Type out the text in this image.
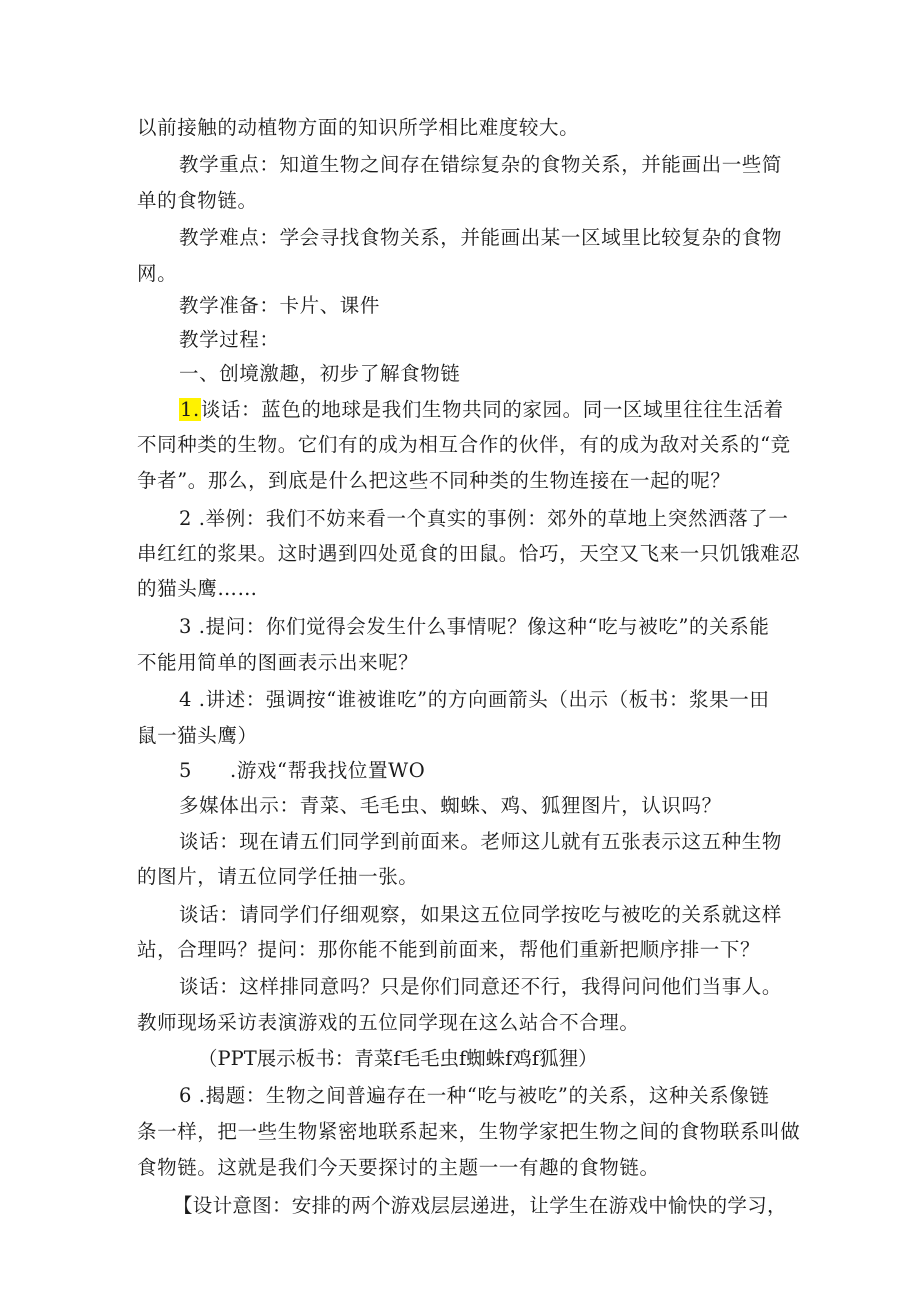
以前接触的动植物方面的知识所学相比难度较大。
教学重点：知道生物之间存在错综复杂的食物关系，并能画出一些简
单的食物链。
教学难点：学会寻找食物关系，并能画出某一区域里比较复杂的食物
网。
教学准备：卡片、课件
教学过程：
一、创境激趣，初步了解食物链
1.谈话：蓝色的地球是我们生物共同的家园。同一区域里往往生活着
不同种类的生物。它们有的成为相互合作的伙伴，有的成为敌对关系的“竞
争者”。那么，到底是什么把这些不同种类的生物连接在一起的呢？
2 .举例：我们不妨来看一个真实的事例：郊外的草地上突然洒落了一
串红红的浆果。这时遇到四处觅食的田鼠。恰巧，天空又飞来一只饥饿难忍
的猫头鹰……
3 .提问：你们觉得会发生什么事情呢？像这种“吃与被吃”的关系能
不能用简单的图画表示出来呢？
4 .讲述：强调按“谁被谁吃”的方向画箭头（出示（板书：浆果一田
鼠一猫头鹰）
5 .游戏“帮我找位置WO
多媒体出示：青菜、毛毛虫、蜘蛛、鸡、狐狸图片，认识吗？
谈话：现在请五们同学到前面来。老师这儿就有五张表示这五种生物
的图片，请五位同学任抽一张。
谈话：请同学们仔细观察，如果这五位同学按吃与被吃的关系就这样
站，合理吗？提问：那你能不能到前面来，帮他们重新把顺序排一下？
谈话：这样排同意吗？只是你们同意还不行，我得问问他们当事人。
教师现场采访表演游戏的五位同学现在这么站合不合理。
（PPT展示板书：青菜f毛毛虫f蜘蛛f鸡f狐狸）
6 .揭题：生物之间普遍存在一种“吃与被吃”的关系，这种关系像链
条一样，把一些生物紧密地联系起来，生物学家把生物之间的食物联系叫做
食物链。这就是我们今天要探讨的主题一一有趣的食物链。
【设计意图：安排的两个游戏层层递进，让学生在游戏中愉快的学习，
